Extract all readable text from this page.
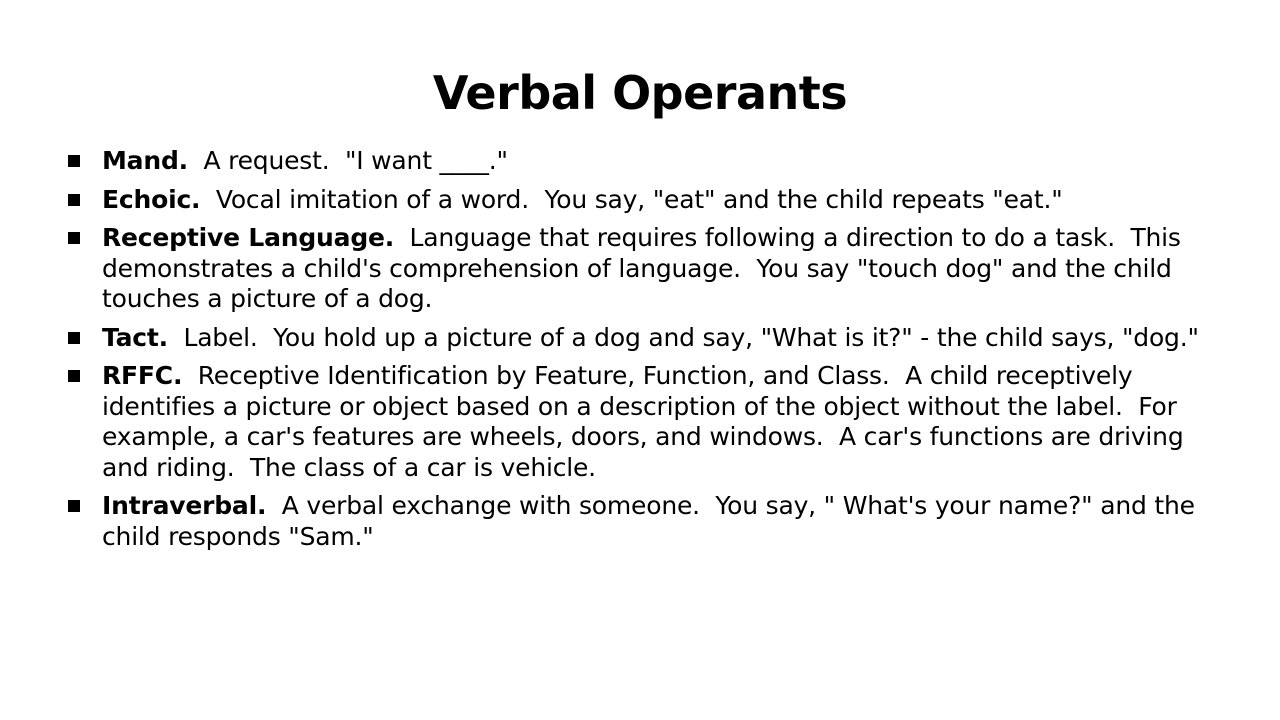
Verbal Operants
Mand.  A request.  "I want ____."
Echoic.  Vocal imitation of a word.  You say, "eat" and the child repeats "eat."
Receptive Language.  Language that requires following a direction to do a task.  This demonstrates a child's comprehension of language.  You say "touch dog" and the child touches a picture of a dog.
Tact.  Label.  You hold up a picture of a dog and say, "What is it?" - the child says, "dog."
RFFC.  Receptive Identification by Feature, Function, and Class.  A child receptively identifies a picture or object based on a description of the object without the label.  For example, a car's features are wheels, doors, and windows.  A car's functions are driving and riding.  The class of a car is vehicle.
Intraverbal.  A verbal exchange with someone.  You say, " What's your name?" and the child responds "Sam."
